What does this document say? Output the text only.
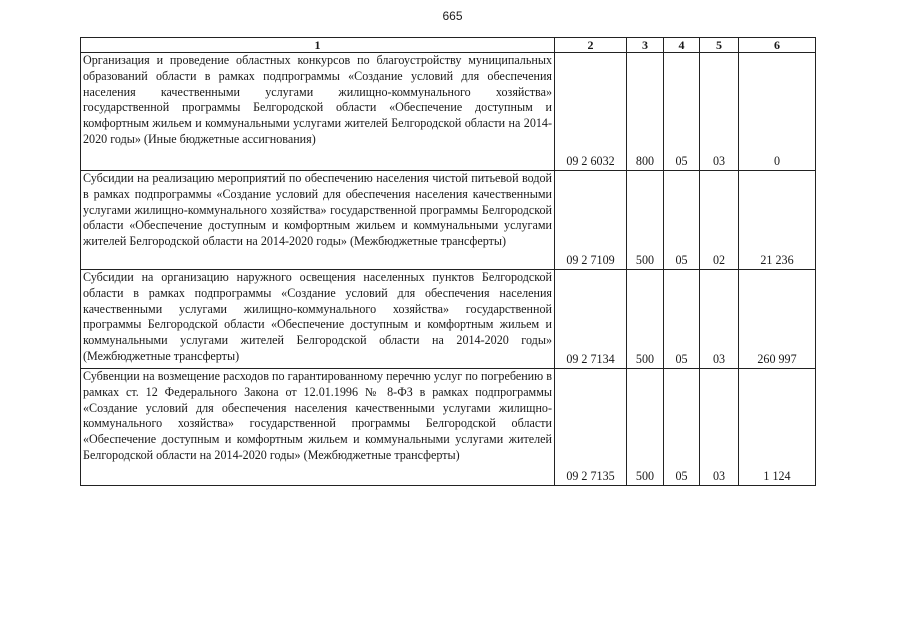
665
1	2	3	4	5	6
Организация и проведение областных конкурсов по благоустройству муниципальных образований области в рамках подпрограммы «Создание условий для обеспечения населения качественными услугами жилищно-коммунального хозяйства» государственной программы Белгородской области «Обеспечение доступным и комфортным жильем и коммунальными услугами жителей Белгородской области на 2014-2020 годы» (Иные бюджетные ассигнования)	09 2 6032	800	05	03	0
Субсидии на реализацию мероприятий по обеспечению населения чистой питьевой водой в рамках подпрограммы «Создание условий для обеспечения населения качественными услугами жилищно-коммунального хозяйства» государственной программы Белгородской области «Обеспечение доступным и комфортным жильем и коммунальными услугами жителей Белгородской области на 2014-2020 годы» (Межбюджетные трансферты)	09 2 7109	500	05	02	21 236
Субсидии на организацию наружного освещения населенных пунктов Белгородской области в рамках подпрограммы «Создание условий для обеспечения населения качественными услугами жилищно-коммунального хозяйства» государственной программы Белгородской области «Обеспечение доступным и комфортным жильем и коммунальными услугами жителей Белгородской области на 2014-2020 годы» (Межбюджетные трансферты)	09 2 7134	500	05	03	260 997
Субвенции на возмещение расходов по гарантированному перечню услуг по погребению в рамках ст. 12 Федерального Закона от 12.01.1996 № 8-ФЗ в рамках подпрограммы «Создание условий для обеспечения населения качественными услугами жилищно-коммунального хозяйства» государственной программы Белгородской области «Обеспечение доступным и комфортным жильем и коммунальными услугами жителей Белгородской области на 2014-2020 годы» (Межбюджетные трансферты)	09 2 7135	500	05	03	1 124
